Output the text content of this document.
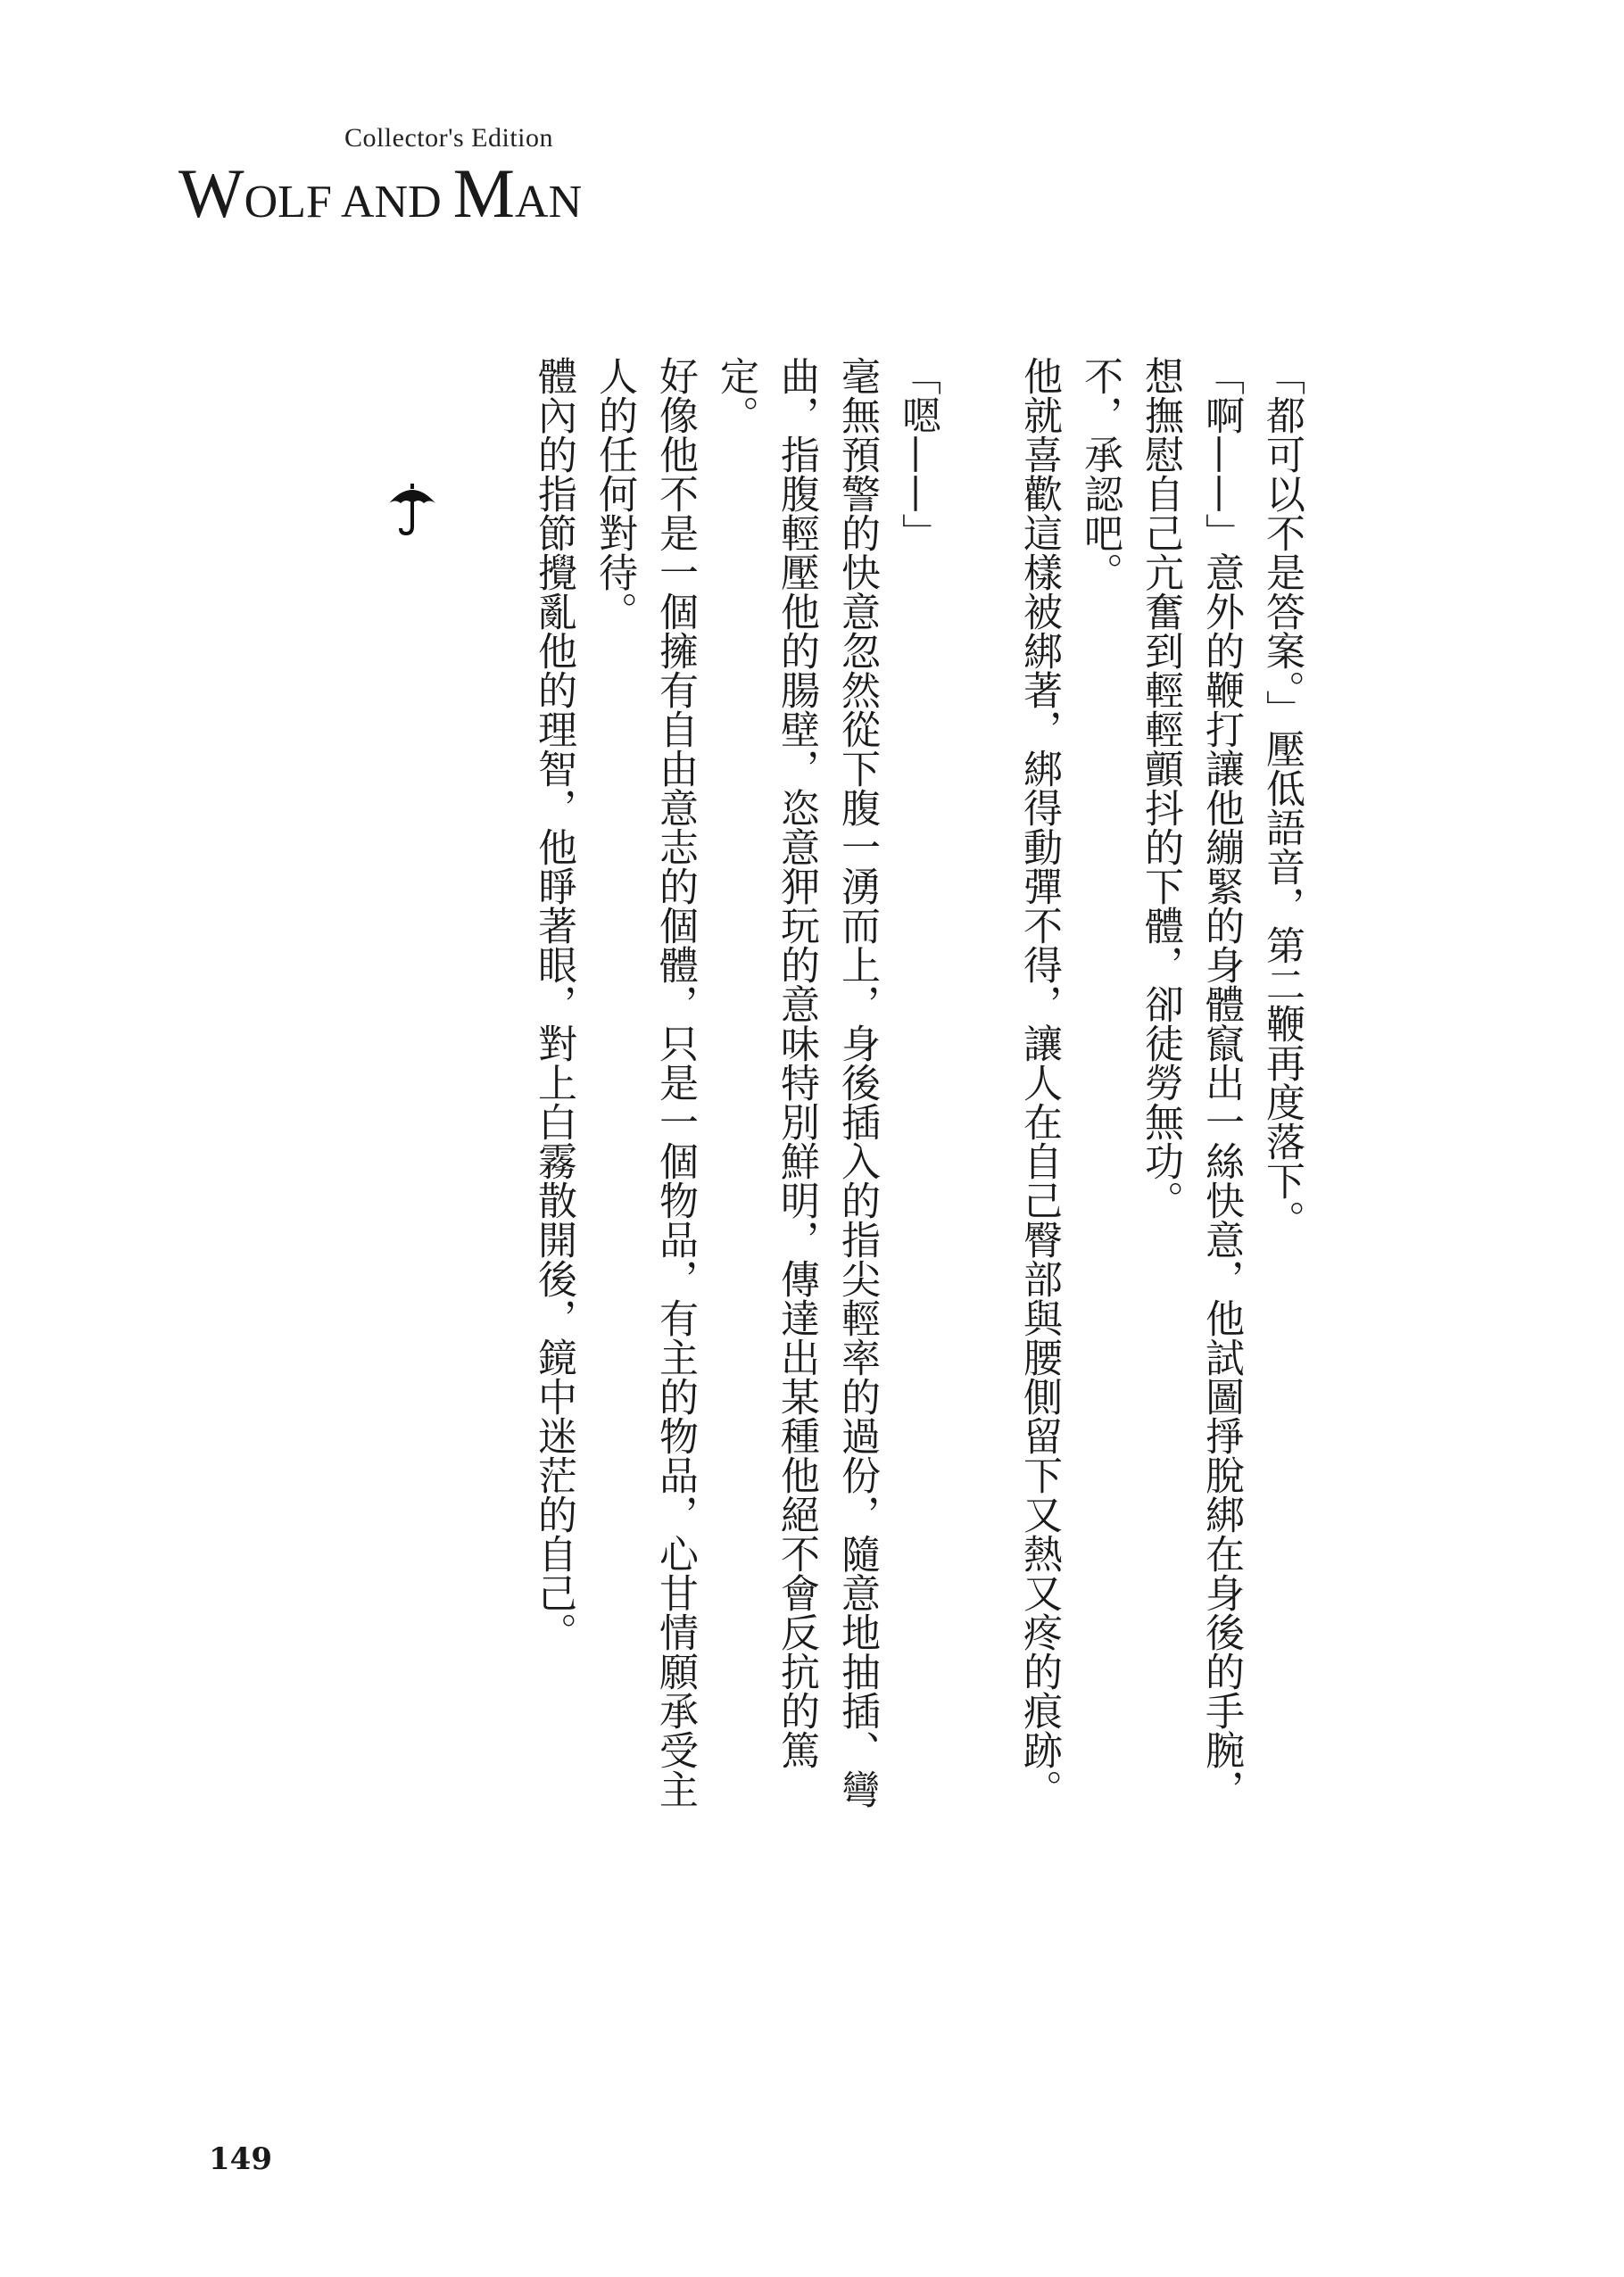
Collector's Edition
WOLF AND MAN

「都可以不是答案。」壓低語音，第二鞭再度落下。

「啊——」意外的鞭打讓他繃緊的身體竄出一絲快意，他試圖掙脫綁在身後的手腕，想撫慰自己亢奮到輕輕顫抖的下體，卻徒勞無功。

不，承認吧。

他就喜歡這樣被綁著，綁得動彈不得，讓人在自己臀部與腰側留下又熱又疼的痕跡。

「嗯——」

毫無預警的快意忽然從下腹一湧而上，身後插入的指尖輕率的過份，隨意地抽插、彎曲，指腹輕壓他的腸壁，恣意狎玩的意味特別鮮明，傳達出某種他絕不會反抗的篤定。

好像他不是一個擁有自由意志的個體，只是一個物品，有主的物品，心甘情願承受主人的任何對待。

體內的指節攪亂他的理智，他睜著眼，對上白霧散開後，鏡中迷茫的自己。

149
